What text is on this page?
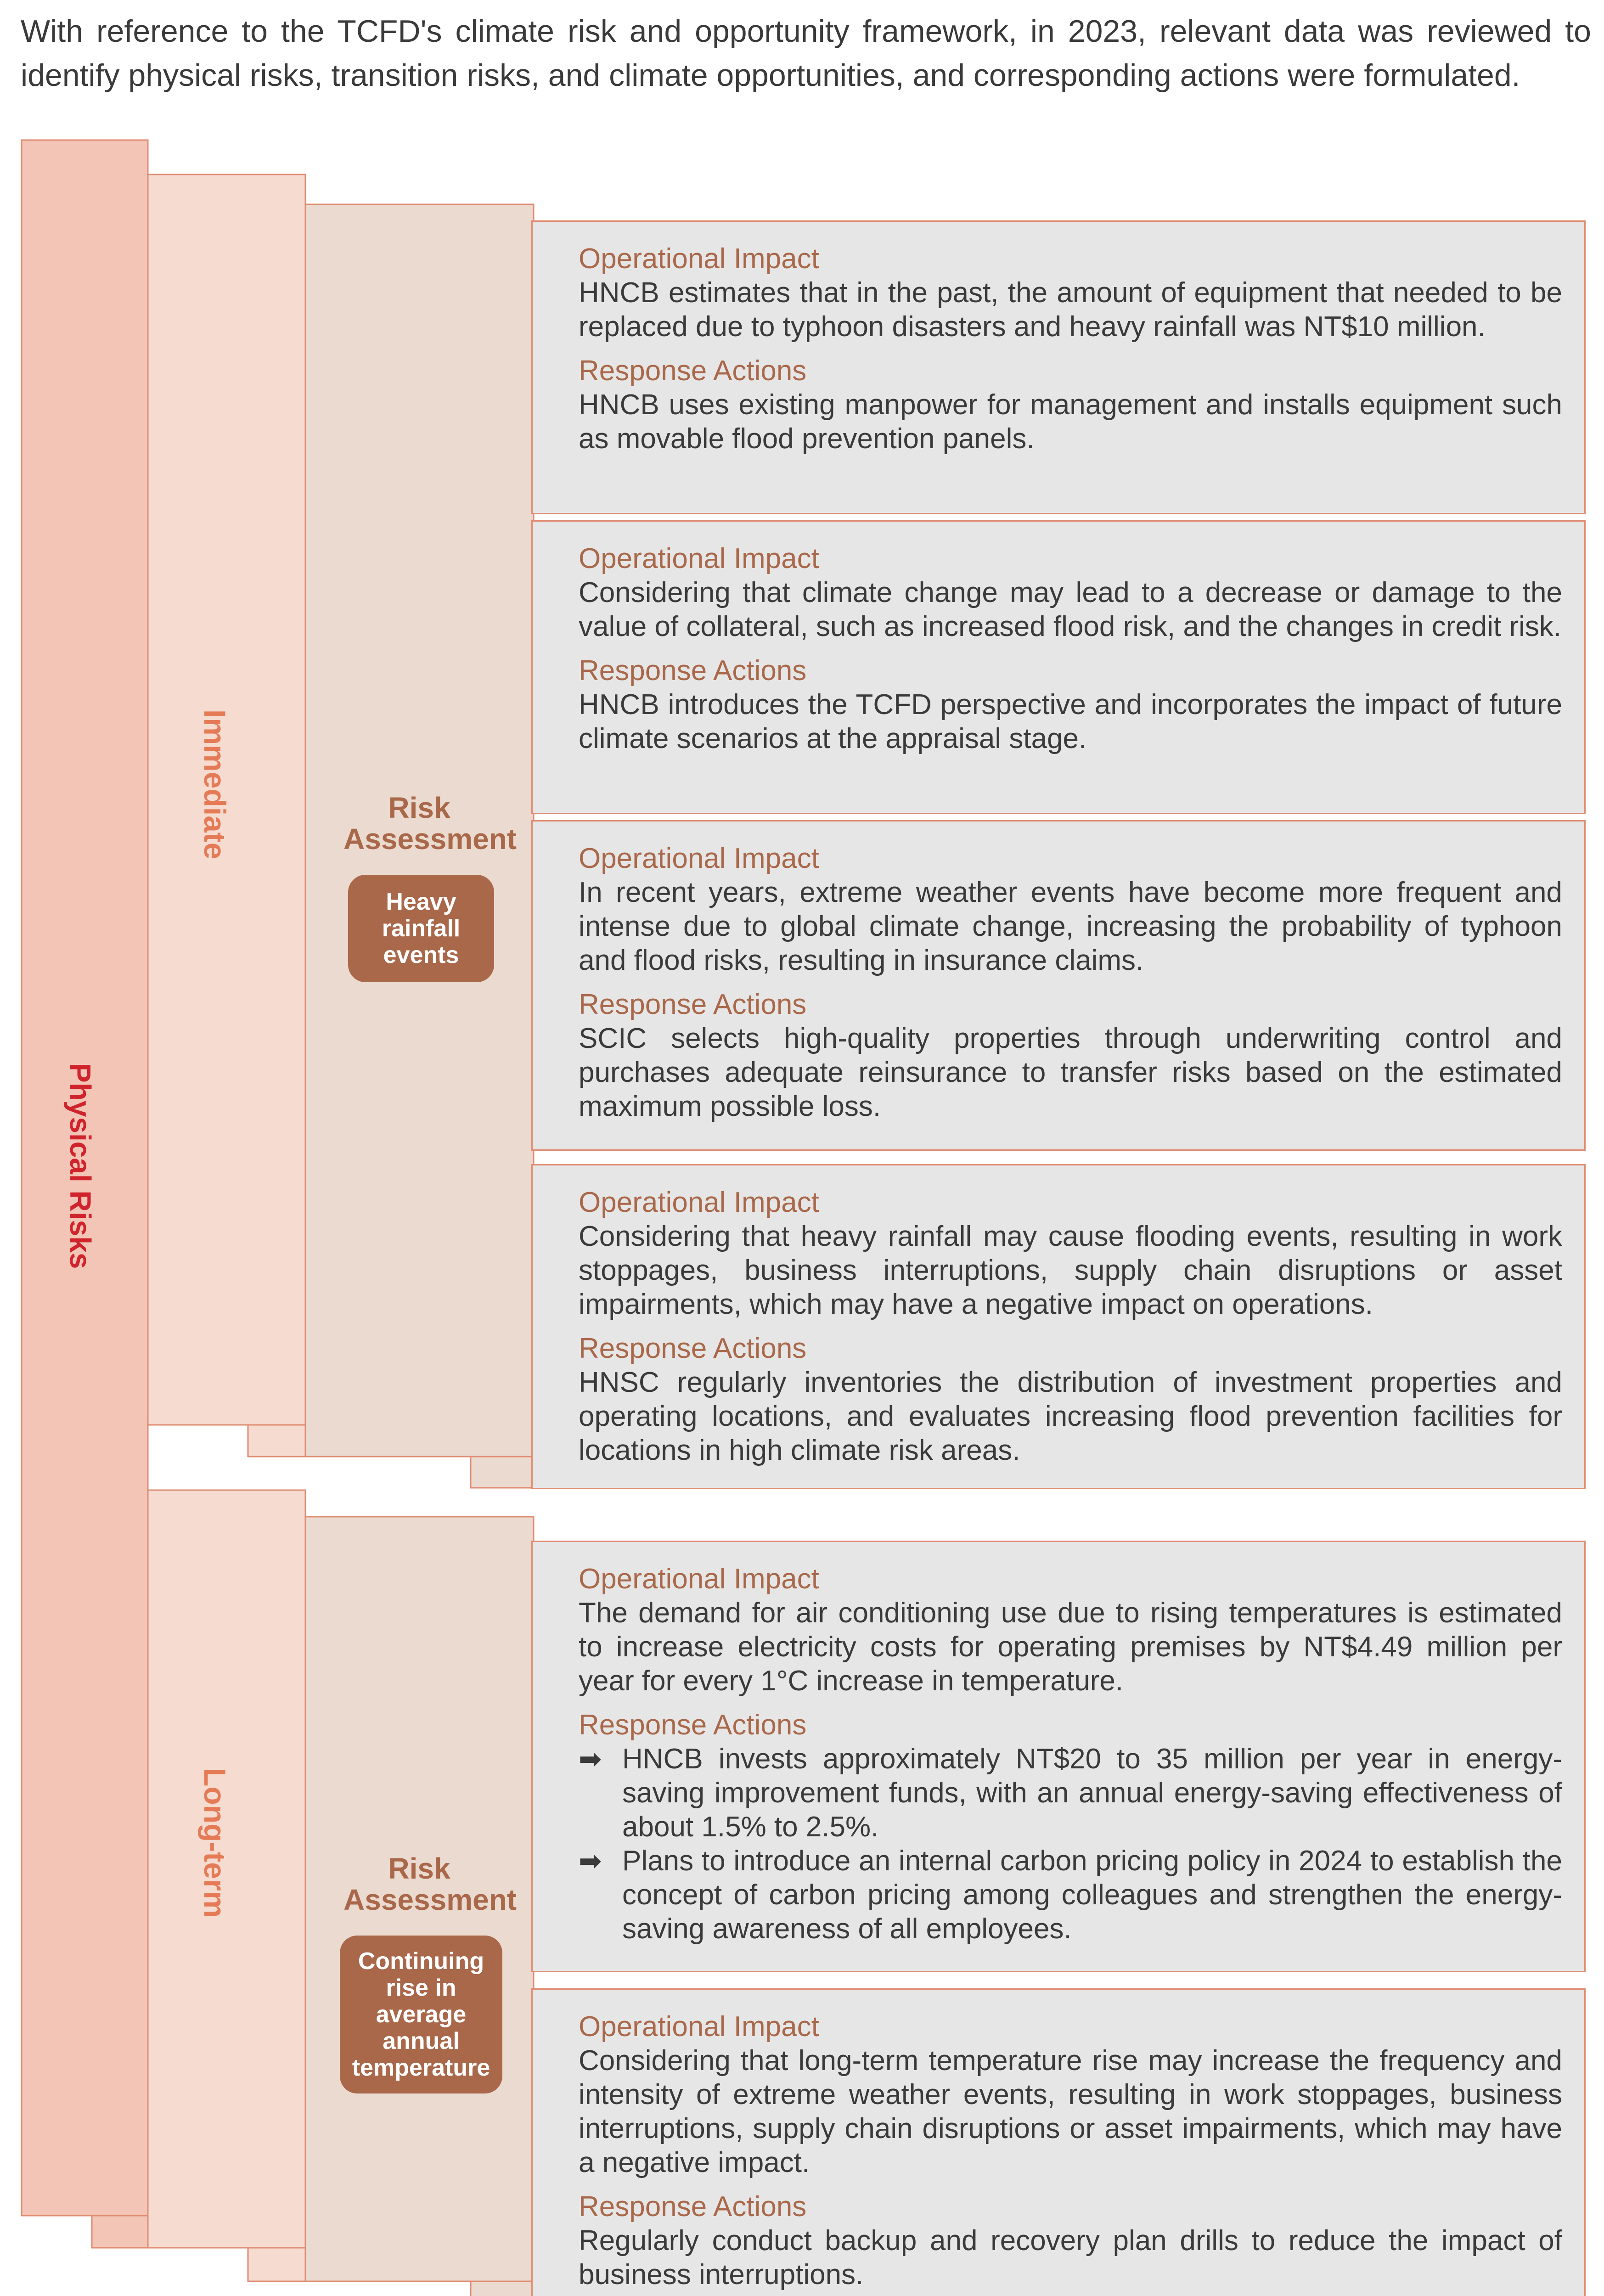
With reference to the TCFD's climate risk and opportunity framework, in 2023, relevant data was reviewed to identify physical risks, transition risks, and climate opportunities, and corresponding actions were formulated.

Physical Risks
Immediate
Long-term
Risk Assessment
Heavy rainfall events
Risk Assessment
Continuing rise in average annual temperature

Operational Impact

HNCB estimates that in the past, the amount of equipment that needed to be replaced due to typhoon disasters and heavy rainfall was NT$10 million.

Response Actions

HNCB uses existing manpower for management and installs equipment such as movable flood prevention panels.

Operational Impact

Considering that climate change may lead to a decrease or damage to the value of collateral, such as increased flood risk, and the changes in credit risk.

Response Actions

HNCB introduces the TCFD perspective and incorporates the impact of future climate scenarios at the appraisal stage.

Operational Impact

In recent years, extreme weather events have become more frequent and intense due to global climate change, increasing the probability of typhoon and flood risks, resulting in insurance claims.

Response Actions

SCIC selects high-quality properties through underwriting control and purchases adequate reinsurance to transfer risks based on the estimated maximum possible loss.

Operational Impact

Considering that heavy rainfall may cause flooding events, resulting in work stoppages, business interruptions, supply chain disruptions or asset impairments, which may have a negative impact on operations.

Response Actions

HNSC regularly inventories the distribution of investment properties and operating locations, and evaluates increasing flood prevention facilities for locations in high climate risk areas.

Operational Impact

The demand for air conditioning use due to rising temperatures is estimated to increase electricity costs for operating premises by NT$4.49 million per year for every 1°C increase in temperature.

Response Actions

➡ HNCB invests approximately NT$20 to 35 million per year in energy-saving improvement funds, with an annual energy-saving effectiveness of about 1.5% to 2.5%.

➡ Plans to introduce an internal carbon pricing policy in 2024 to establish the concept of carbon pricing among colleagues and strengthen the energy-saving awareness of all employees.

Operational Impact

Considering that long-term temperature rise may increase the frequency and intensity of extreme weather events, resulting in work stoppages, business interruptions, supply chain disruptions or asset impairments, which may have a negative impact.

Response Actions

Regularly conduct backup and recovery plan drills to reduce the impact of business interruptions.
